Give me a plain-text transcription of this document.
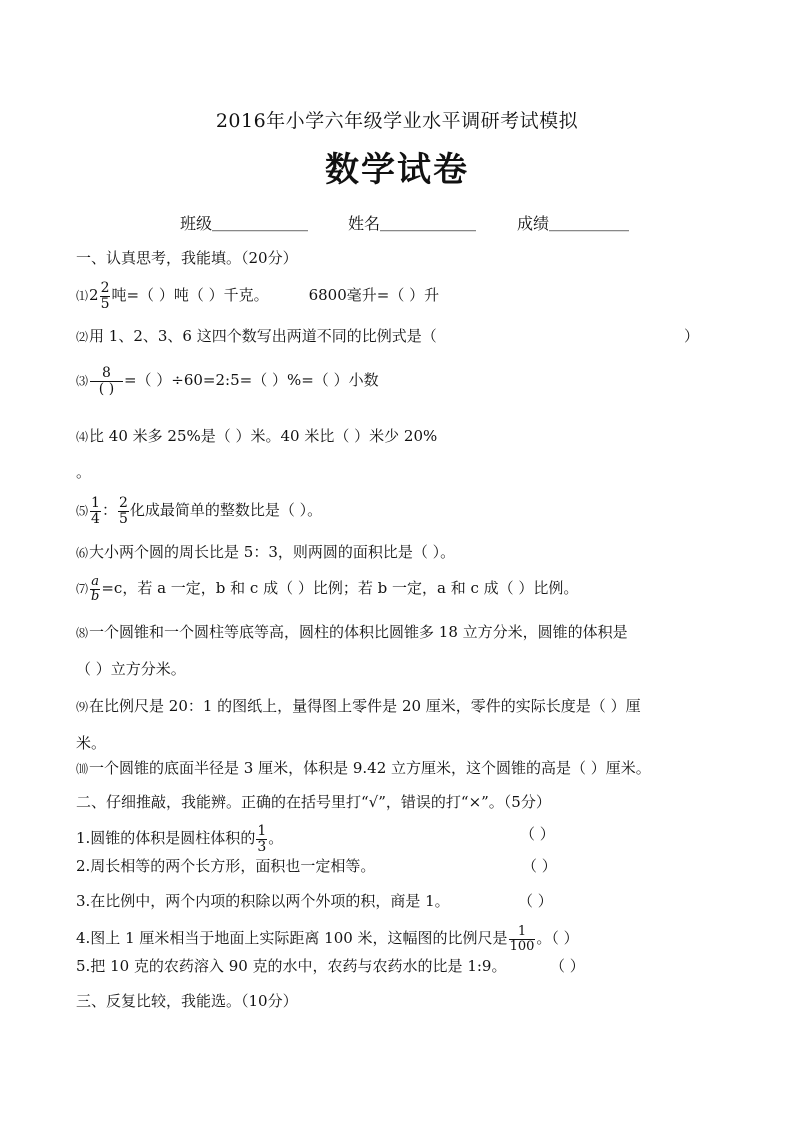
2016年小学六年级学业水平调研考试模拟
数学试卷
班级＿＿＿＿＿＿ 姓名＿＿＿＿＿＿	成绩＿＿＿＿＿
一、认真思考，我能填。（20分）
⑴2 $\frac{2}{5}$ 吨=（ ）吨（ ）千克。	6800毫升=（ ）升
⑵用 1、2、3、6 这四个数写出两道不同的比例式是（	）
⑶ $\frac{8}{( )}$ =（ ）÷60=2:5=（ ）%=（ ）小数
⑷比 40 米多 25%是（ ）米。40 米比（ ）米少 20%
。
⑸ $\frac{1}{4}$ ： $\frac{2}{5}$ 化成最简单的整数比是（ ）。
⑹大小两个圆的周长比是 5：3，则两圆的面积比是（ ）。
⑺ $\frac{a}{b} =c$，若 a 一定，b 和 c 成（ ）比例；若 b 一定，a 和 c 成（ ）比例。
⑻一个圆锥和一个圆柱等底等高，圆柱的体积比圆锥多 18 立方分米，圆锥的体积是
（ ）立方分米。
⑼在比例尺是 20：1 的图纸上，量得图上零件是 20 厘米，零件的实际长度是（ ）厘
米。
⑽一个圆锥的底面半径是 3 厘米，体积是 9.42 立方厘米，这个圆锥的高是（ ）厘米。
二、仔细推敲，我能辨。正确的在括号里打“√”，错误的打“×”。（5分）
1.圆锥的体积是圆柱体积的 $\frac{1}{3}$ 。	（ ）
2.周长相等的两个长方形，面积也一定相等。	（ ）
3.在比例中，两个内项的积除以两个外项的积，商是 1。	（ ）
4.图上 1 厘米相当于地面上实际距离 100 米，这幅图的比例尺是 $\frac{1}{100}$ 。（ ）
5.把 10 克的农药溶入 90 克的水中，农药与农药水的比是 1:9。	（ ）
三、反复比较，我能选。（10分）
